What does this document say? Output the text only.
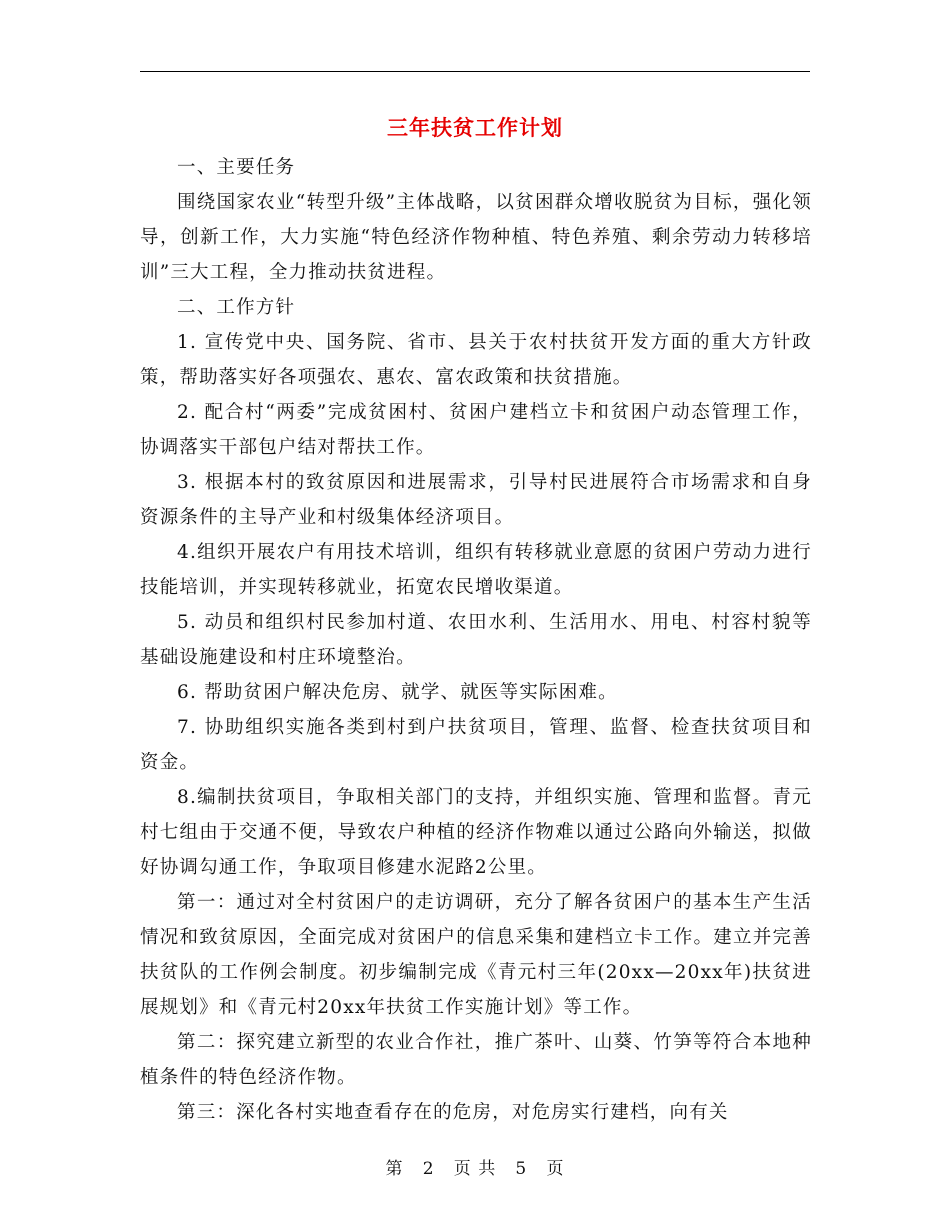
三年扶贫工作计划

一、主要任务

围绕国家农业“转型升级”主体战略，以贫困群众增收脱贫为目标，强化领导，创新工作，大力实施“特色经济作物种植、特色养殖、剩余劳动力转移培训”三大工程，全力推动扶贫进程。

二、工作方针

1. 宣传党中央、国务院、省市、县关于农村扶贫开发方面的重大方针政策，帮助落实好各项强农、惠农、富农政策和扶贫措施。

2. 配合村“两委”完成贫困村、贫困户建档立卡和贫困户动态管理工作，协调落实干部包户结对帮扶工作。

3. 根据本村的致贫原因和进展需求，引导村民进展符合市场需求和自身资源条件的主导产业和村级集体经济项目。

4.组织开展农户有用技术培训，组织有转移就业意愿的贫困户劳动力进行技能培训，并实现转移就业，拓宽农民增收渠道。

5. 动员和组织村民参加村道、农田水利、生活用水、用电、村容村貌等基础设施建设和村庄环境整治。

6. 帮助贫困户解决危房、就学、就医等实际困难。

7. 协助组织实施各类到村到户扶贫项目，管理、监督、检查扶贫项目和资金。

8.编制扶贫项目，争取相关部门的支持，并组织实施、管理和监督。青元村七组由于交通不便，导致农户种植的经济作物难以通过公路向外输送，拟做好协调勾通工作，争取项目修建水泥路2公里。

第一：通过对全村贫困户的走访调研，充分了解各贫困户的基本生产生活情况和致贫原因，全面完成对贫困户的信息采集和建档立卡工作。建立并完善扶贫队的工作例会制度。初步编制完成《青元村三年(20xx—20xx年)扶贫进展规划》和《青元村20xx年扶贫工作实施计划》等工作。

第二：探究建立新型的农业合作社，推广茶叶、山葵、竹笋等符合本地种植条件的特色经济作物。

第三：深化各村实地查看存在的危房，对危房实行建档，向有关

第 2 页 共 5 页
